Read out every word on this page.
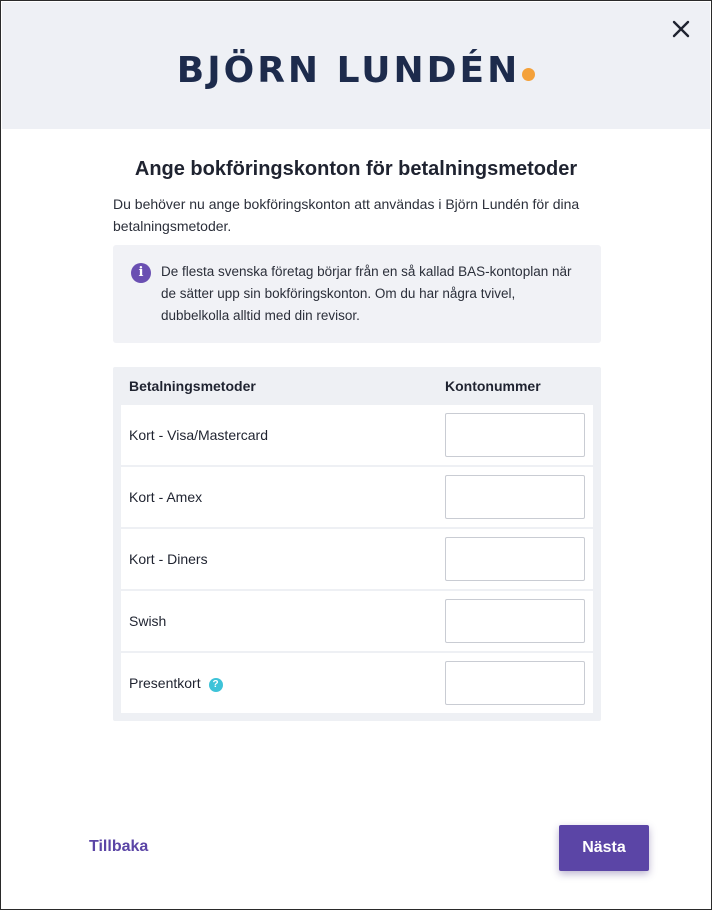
BJÖRN LUNDÉN
Ange bokföringskonton för betalningsmetoder
Du behöver nu ange bokföringskonton att användas i Björn Lundén för dina betalningsmetoder.
i	De flesta svenska företag börjar från en så kallad BAS-kontoplan när de sätter upp sin bokföringskonton. Om du har några tvivel, dubbelkolla alltid med din revisor.
Betalningsmetoder	Kontonummer
Kort - Visa/Mastercard
Kort - Amex
Kort - Diners
Swish
Presentkort ?
Tillbaka	Nästa
